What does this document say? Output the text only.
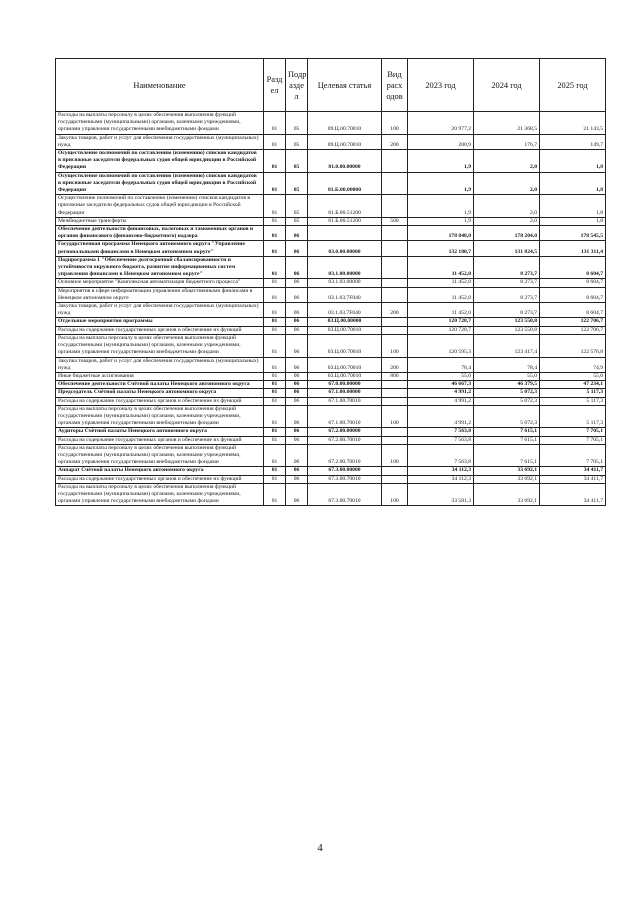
Наименование	Разд ел	Подр азде л	Целевая статья	Вид расх одов	2023 год	2024 год	2025 год
Расходы на выплаты персоналу в целях обеспечения выполнения функций государственными (муниципальными) органами, казенными учреждениями, органами управления государственными внебюджетными фондами	01	05	09.Ц.00.70010	100	20 977,2	21 368,5	21 143,5
Закупка товаров, работ и услуг для обеспечения государственных (муниципальных) нужд	01	05	09.Ц.00.70010	200	200,9	176,7	149,7
Осуществление полномочий по составлению (изменению) списков кандидатов в присяжные заседатели федеральных судов общей юрисдикции в Российской Федерации	01	05	81.0.00.00000		1,9	2,0	1,8
Осуществление полномочий по составлению (изменению) списков кандидатов в присяжные заседатели федеральных судов общей юрисдикции в Российской Федерации	01	05	81.Б.00.00000		1,9	2,0	1,8
Осуществление полномочий по составлению (изменению) списков кандидатов в присяжные заседатели федеральных судов общей юрисдикции в Российской Федерации	01	05	81.Б.00.51200		1,9	2,0	1,8
Межбюджетные трансферты	01	05	81.Б.00.51200	500	1,9	2,0	1,8
Обеспечение деятельности финансовых, налоговых и таможенных органов и органов финансового (финансово-бюджетного) надзора	01	06			178 848,0	178 204,0	178 545,5
Государственная программа Ненецкого автономного округа "Управление региональными финансами в Ненецком автономном округе"	01	06	03.0.00.00000		132 180,7	131 824,5	131 311,4
Подпрограмма 1 "Обеспечение долгосрочной сбалансированности и устойчивости окружного бюджета, развитие информационных систем управления финансами в Ненецком автономном округе"	01	06	03.1.00.00000		11 452,0	8 273,7	8 604,7
Основное мероприятие "Комплексная автоматизация бюджетного процесса"	01	06	03.1.03.00000		11 452,0	8 273,7	8 604,7
Мероприятия в сфере информатизации управления общественными финансами в Ненецком автономном округе	01	06	03.1.03.7F040		11 452,0	8 273,7	8 604,7
Закупка товаров, работ и услуг для обеспечения государственных (муниципальных) нужд	01	06	03.1.03.7F040	200	11 452,0	8 273,7	8 604,7
Отдельные мероприятия программы	01	06	03.Ц.00.00000		120 728,7	123 550,8	122 706,7
Расходы на содержание государственных органов и обеспечение их функций	01	06	03.Ц.00.70010		120 728,7	123 550,8	122 706,7
Расходы на выплаты персоналу в целях обеспечения выполнения функций государственными (муниципальными) органами, казенными учреждениями, органами управления государственными внебюджетными фондами	01	06	03.Ц.00.70010	100	120 595,3	123 417,4	122 576,8
Закупка товаров, работ и услуг для обеспечения государственных (муниципальных) нужд	01	06	03.Ц.00.70010	200	78,4	78,4	74,9
Иные бюджетные ассигнования	01	06	03.Ц.00.70010	800	55,0	55,0	55,0
Обеспечение деятельности Счётной палаты Ненецкого автономного округа	01	06	67.0.00.00000		46 667,3	46 379,5	47 234,1
Председатель Счётной палаты Ненецкого автономного округа	01	06	67.1.00.00000		4 991,2	5 072,3	5 117,3
Расходы на содержание государственных органов и обеспечение их функций	01	06	67.1.00.70010		4 991,2	5 072,3	5 117,3
Расходы на выплаты персоналу в целях обеспечения выполнения функций государственными (муниципальными) органами, казенными учреждениями, органами управления государственными внебюджетными фондами	01	06	67.1.00.70010	100	4 991,2	5 072,3	5 117,3
Аудиторы Счётной палаты Ненецкого автономного округа	01	06	67.2.00.00000		7 563,8	7 615,1	7 705,1
Расходы на содержание государственных органов и обеспечение их функций	01	06	67.2.00.70010		7 563,8	7 615,1	7 705,1
Расходы на выплаты персоналу в целях обеспечения выполнения функций государственными (муниципальными) органами, казенными учреждениями, органами управления государственными внебюджетными фондами	01	06	67.2.00.70010	100	7 563,8	7 615,1	7 705,1
Аппарат Счётной палаты Ненецкого автономного округа	01	06	67.3.00.00000		34 112,3	33 692,1	34 411,7
Расходы на содержание государственных органов и обеспечение их функций	01	06	67.3.00.70010		34 112,3	33 692,1	34 411,7
Расходы на выплаты персоналу в целях обеспечения выполнения функций государственными (муниципальными) органами, казенными учреждениями, органами управления государственными внебюджетными фондами	01	06	67.3.00.70010	100	33 581,3	33 692,1	34 411,7
4
